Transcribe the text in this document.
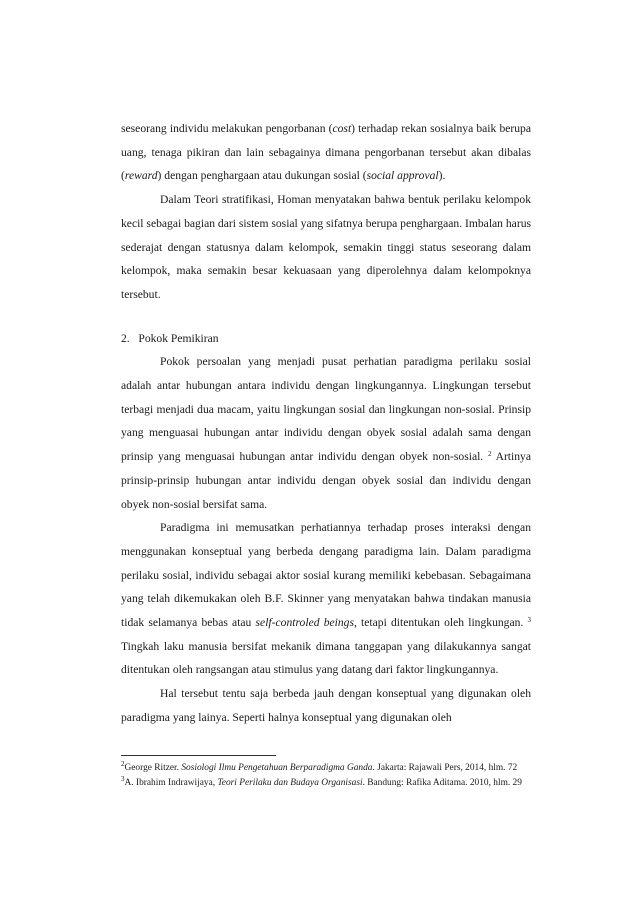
seseorang individu melakukan pengorbanan (cost) terhadap rekan sosialnya baik berupa uang, tenaga pikiran dan lain sebagainya dimana pengorbanan tersebut akan dibalas (reward) dengan penghargaan atau dukungan sosial (social approval).

Dalam Teori stratifikasi, Homan menyatakan bahwa bentuk perilaku kelompok kecil sebagai bagian dari sistem sosial yang sifatnya berupa penghargaan. Imbalan harus sederajat dengan statusnya dalam kelompok, semakin tinggi status seseorang dalam kelompok, maka semakin besar kekuasaan yang diperolehnya dalam kelompoknya tersebut.

2.   Pokok Pemikiran

Pokok persoalan yang menjadi pusat perhatian paradigma perilaku sosial adalah antar hubungan antara individu dengan lingkungannya. Lingkungan tersebut terbagi menjadi dua macam, yaitu lingkungan sosial dan lingkungan non-sosial. Prinsip yang menguasai hubungan antar individu dengan obyek sosial adalah sama dengan prinsip yang menguasai hubungan antar individu dengan obyek non-sosial. $^2$ Artinya prinsip-prinsip hubungan antar individu dengan obyek sosial dan individu dengan obyek non-sosial bersifat sama.

Paradigma ini memusatkan perhatiannya terhadap proses interaksi dengan menggunakan konseptual yang berbeda dengang paradigma lain. Dalam paradigma perilaku sosial, individu sebagai aktor sosial kurang memiliki kebebasan. Sebagaimana yang telah dikemukakan oleh B.F. Skinner yang menyatakan bahwa tindakan manusia tidak selamanya bebas atau self-controled beings, tetapi ditentukan oleh lingkungan. $^3$ Tingkah laku manusia bersifat mekanik dimana tanggapan yang dilakukannya sangat ditentukan oleh rangsangan atau stimulus yang datang dari faktor lingkungannya.

Hal tersebut tentu saja berbeda jauh dengan konseptual yang digunakan oleh paradigma yang lainya. Seperti halnya konseptual yang digunakan oleh

$^2$George Ritzer. Sosiologi Ilmu Pengetahuan Berparadigma Ganda. Jakarta: Rajawali Pers, 2014, hlm. 72

$^3$A. Ibrahim Indrawijaya, Teori Perilaku dan Budaya Organisasi. Bandung: Rafika Aditama. 2010, hlm. 29
